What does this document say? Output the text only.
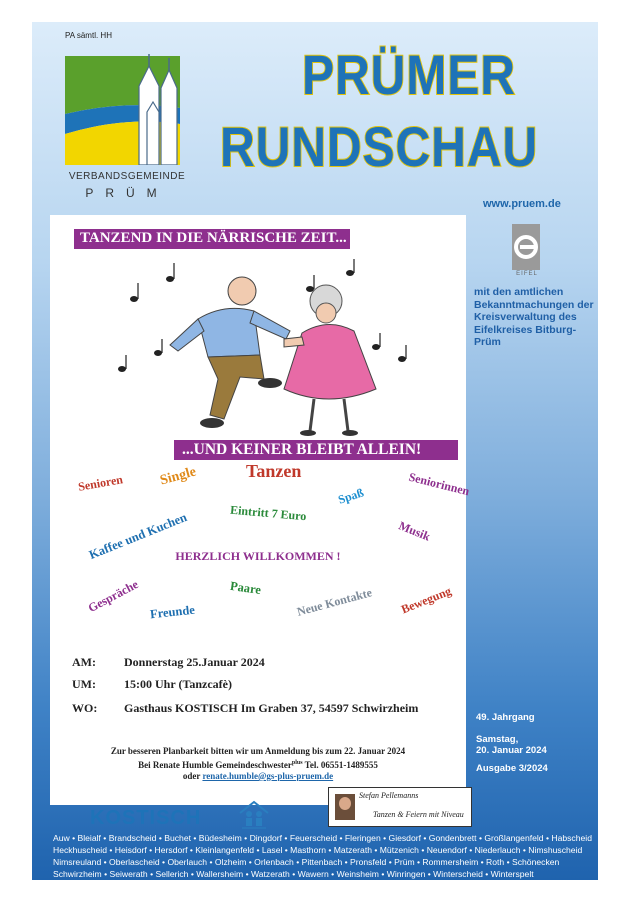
PA sämtl. HH
VERBANDSGEMEINDE
PRÜM
PRÜMER
RUNDSCHAU
www.pruem.de
EIFEL
mit den amtlichen Bekanntmachungen der Kreisverwaltung des Eifelkreises Bitburg-Prüm
TANZEND IN DIE NÄRRISCHE ZEIT...
...UND KEINER BLEIBT ALLEIN!
Senioren Single	Tanzen	Seniorinnen
Spaß
Eintritt 7 Euro
Kaffee und Kuchen	Musik
Gespräche	Paare
Freunde	Neue Kontakte Bewegung
HERZLICH WILLKOMMEN !
AM: Donnerstag 25.Januar 2024
UM: 15:00 Uhr (Tanzcafè)
WO: Gasthaus KOSTISCH Im Graben 37, 54597 Schwirzheim
Zur besseren Planbarkeit bitten wir um Anmeldung bis zum 22. Januar 2024
Bei Renate Humble Gemeindeschwester$^{plus}$ Tel. 06551-1489555
oder renate.humble@gs-plus-pruem.de
KOSTISCH
Stefan Pellemanns
Tanzen & Feiern mit Niveau
49. Jahrgang
Samstag,
20. Januar 2024
Ausgabe 3/2024
Auw • Bleialf • Brandscheid • Buchet • Büdesheim • Dingdorf • Feuerscheid • Fleringen • Giesdorf • Gondenbrett • Großlangenfeld • Habscheid
Heckhuscheid • Heisdorf • Hersdorf • Kleinlangenfeld • Lasel • Masthorn • Matzerath • Mützenich • Neuendorf • Niederlauch • Nimshuscheid
Nimsreuland • Oberlascheid • Oberlauch • Olzheim • Orlenbach • Pittenbach • Pronsfeld • Prüm • Rommersheim • Roth • Schönecken
Schwirzheim • Seiwerath • Sellerich • Wallersheim • Watzerath • Wawern • Weinsheim • Winringen • Winterscheid • Winterspelt
